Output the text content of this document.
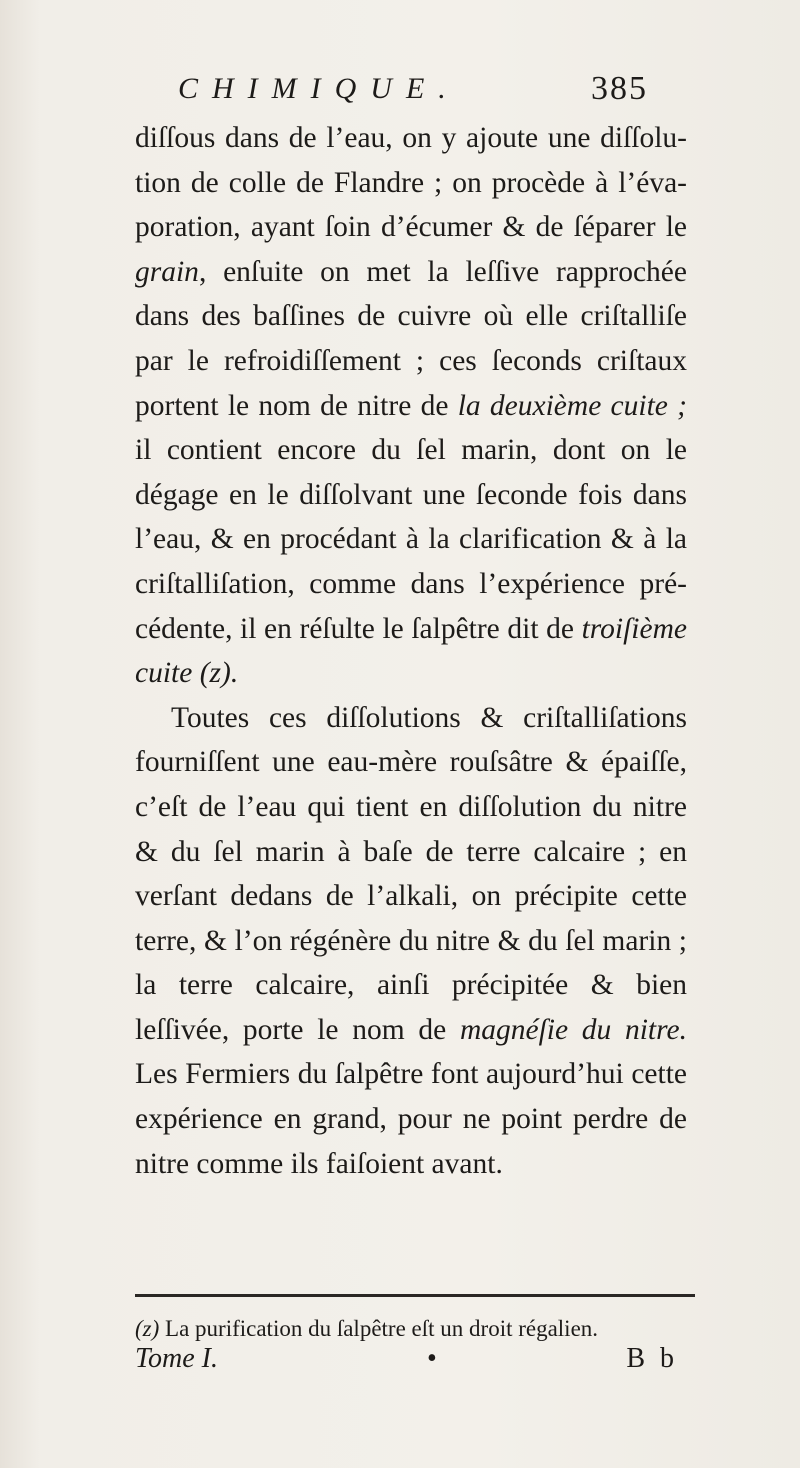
CHIMIQUE.	385

diſſous dans de l’eau, on y ajoute une diſſolution de colle de Flandre ; on procède à l’évaporation, ayant ſoin d’écumer & de ſéparer le grain, enſuite on met la leſſive rapprochée dans des baſſines de cuivre où elle criſtalliſe par le refroidiſſement ; ces ſeconds criſtaux portent le nom de nitre de la deuxième cuite ; il contient encore du ſel marin, dont on le dégage en le diſſolvant une ſeconde fois dans l’eau, & en procédant à la clarification & à la criſtalliſation, comme dans l’expérience précédente, il en réſulte le ſalpêtre dit de troiſième cuite (z).

Toutes ces diſſolutions & criſtalliſations fourniſſent une eau-mère rouſsâtre & épaiſſe, c’eſt de l’eau qui tient en diſſolution du nitre & du ſel marin à baſe de terre calcaire ; en verſant dedans de l’alkali, on précipite cette terre, & l’on régénère du nitre & du ſel marin ; la terre calcaire, ainſi précipitée & bien leſſivée, porte le nom de magnéſie du nitre. Les Fermiers du ſalpêtre font aujourd’hui cette expérience en grand, pour ne point perdre de nitre comme ils faiſoient avant.

(z) La purification du ſalpêtre eſt un droit régalien.
Tome I.	•	B b
